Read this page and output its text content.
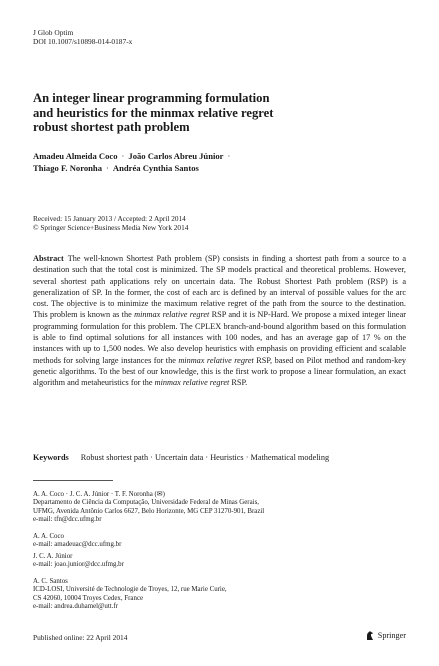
J Glob Optim
DOI 10.1007/s10898-014-0187-x
An integer linear programming formulation
and heuristics for the minmax relative regret
robust shortest path problem
Amadeu Almeida Coco · João Carlos Abreu Júnior ·
Thiago F. Noronha · Andréa Cynthia Santos
Received: 15 January 2013 / Accepted: 2 April 2014
© Springer Science+Business Media New York 2014
Abstract The well-known Shortest Path problem (SP) consists in finding a shortest path from a source to a destination such that the total cost is minimized. The SP models practical and theoretical problems. However, several shortest path applications rely on uncertain data. The Robust Shortest Path problem (RSP) is a generalization of SP. In the former, the cost of each arc is defined by an interval of possible values for the arc cost. The objective is to minimize the maximum relative regret of the path from the source to the destination. This problem is known as the minmax relative regret RSP and it is NP-Hard. We propose a mixed integer linear programming formulation for this problem. The CPLEX branch-and-bound algorithm based on this formulation is able to find optimal solutions for all instances with 100 nodes, and has an average gap of 17 % on the instances with up to 1,500 nodes. We also develop heuristics with emphasis on providing efficient and scalable methods for solving large instances for the minmax relative regret RSP, based on Pilot method and random-key genetic algorithms. To the best of our knowledge, this is the first work to propose a linear formulation, an exact algorithm and metaheuristics for the minmax relative regret RSP.
Keywords Robust shortest path · Uncertain data · Heuristics · Mathematical modeling
A. A. Coco · J. C. A. Júnior · T. F. Noronha (✉)
Departamento de Ciência da Computação, Universidade Federal de Minas Gerais,
UFMG, Avenida Antônio Carlos 6627, Belo Horizonte, MG CEP 31270-901, Brazil
e-mail: tfn@dcc.ufmg.br
A. A. Coco
e-mail: amadeuac@dcc.ufmg.br
J. C. A. Júnior
e-mail: joao.junior@dcc.ufmg.br
A. C. Santos
ICD-LOSI, Université de Technologie de Troyes, 12, rue Marie Curie,
CS 42060, 10004 Troyes Cedex, France
e-mail: andrea.duhamel@utt.fr
Published online: 22 April 2014	Springer
